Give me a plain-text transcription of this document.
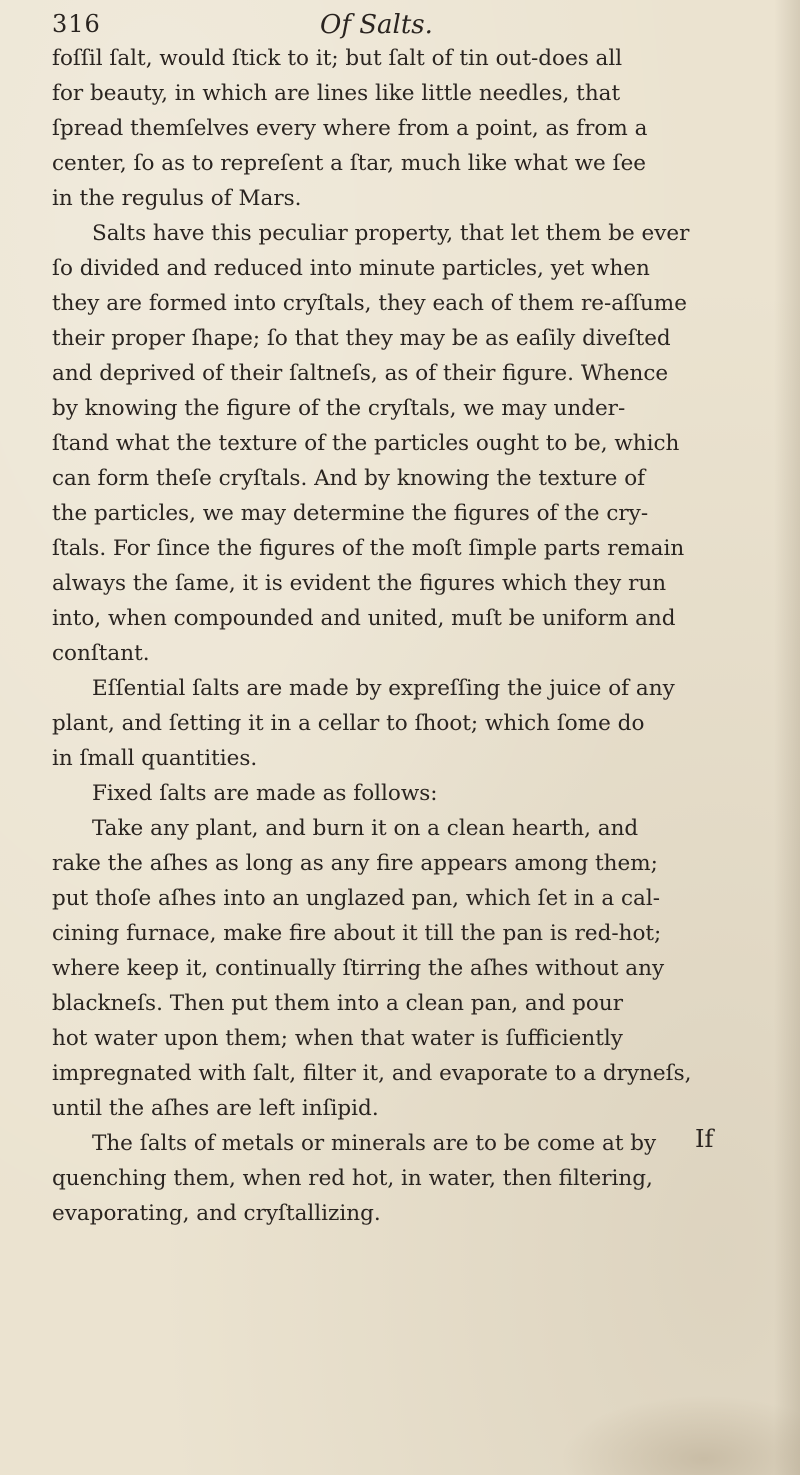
316	Of Salts.
foſſil ſalt, would ſtick to it; but ſalt of tin out-does all
for beauty, in which are lines like little needles, that
ſpread themſelves every where from a point, as from a
center, ſo as to repreſent a ſtar, much like what we ſee
in the regulus of Mars.
Salts have this peculiar property, that let them be ever
ſo divided and reduced into minute particles, yet when
they are formed into cryſtals, they each of them re-aſſume
their proper ſhape; ſo that they may be as eaſily diveſted
and deprived of their ſaltneſs, as of their figure. Whence
by knowing the figure of the cryſtals, we may under-
ſtand what the texture of the particles ought to be, which
can form theſe cryſtals. And by knowing the texture of
the particles, we may determine the figures of the cry-
ſtals. For ſince the figures of the moſt ſimple parts remain
always the ſame, it is evident the figures which they run
into, when compounded and united, muſt be uniform and
conſtant.
Eſſential ſalts are made by expreſſing the juice of any
plant, and ſetting it in a cellar to ſhoot; which ſome do
in ſmall quantities.
Fixed ſalts are made as follows:
Take any plant, and burn it on a clean hearth, and
rake the aſhes as long as any fire appears among them;
put thoſe aſhes into an unglazed pan, which ſet in a cal-
cining furnace, make fire about it till the pan is red-hot;
where keep it, continually ſtirring the aſhes without any
blackneſs. Then put them into a clean pan, and pour
hot water upon them; when that water is ſufficiently
impregnated with ſalt, filter it, and evaporate to a dryneſs,
until the aſhes are left inſipid.
The ſalts of metals or minerals are to be come at by
quenching them, when red hot, in water, then filtering,
evaporating, and cryſtallizing.
If
